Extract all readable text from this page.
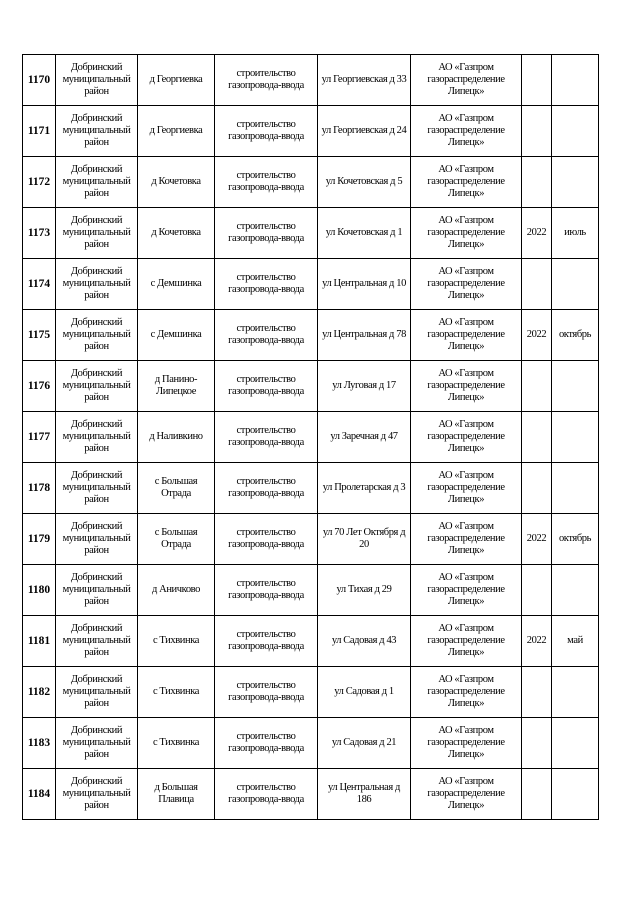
1170	Добринский муниципальный район	д Георгиевка	строительство газопровода-ввода	ул Георгиевская д 33	АО «Газпром газораспределение Липецк»		
1171	Добринский муниципальный район	д Георгиевка	строительство газопровода-ввода	ул Георгиевская д 24	АО «Газпром газораспределение Липецк»		
1172	Добринский муниципальный район	д Кочетовка	строительство газопровода-ввода	ул Кочетовская д 5	АО «Газпром газораспределение Липецк»		
1173	Добринский муниципальный район	д Кочетовка	строительство газопровода-ввода	ул Кочетовская д 1	АО «Газпром газораспределение Липецк»	2022	июль
1174	Добринский муниципальный район	с Демшинка	строительство газопровода-ввода	ул Центральная д 10	АО «Газпром газораспределение Липецк»		
1175	Добринский муниципальный район	с Демшинка	строительство газопровода-ввода	ул Центральная д 78	АО «Газпром газораспределение Липецк»	2022	октябрь
1176	Добринский муниципальный район	д Панино-Липецкое	строительство газопровода-ввода	ул Луговая д 17	АО «Газпром газораспределение Липецк»		
1177	Добринский муниципальный район	д Наливкино	строительство газопровода-ввода	ул Заречная д 47	АО «Газпром газораспределение Липецк»		
1178	Добринский муниципальный район	с Большая Отрада	строительство газопровода-ввода	ул Пролетарская д 3	АО «Газпром газораспределение Липецк»		
1179	Добринский муниципальный район	с Большая Отрада	строительство газопровода-ввода	ул 70 Лет Октября д 20	АО «Газпром газораспределение Липецк»	2022	октябрь
1180	Добринский муниципальный район	д Аничково	строительство газопровода-ввода	ул Тихая д 29	АО «Газпром газораспределение Липецк»		
1181	Добринский муниципальный район	с Тихвинка	строительство газопровода-ввода	ул Садовая д 43	АО «Газпром газораспределение Липецк»	2022	май
1182	Добринский муниципальный район	с Тихвинка	строительство газопровода-ввода	ул Садовая д 1	АО «Газпром газораспределение Липецк»		
1183	Добринский муниципальный район	с Тихвинка	строительство газопровода-ввода	ул Садовая д 21	АО «Газпром газораспределение Липецк»		
1184	Добринский муниципальный район	д Большая Плавица	строительство газопровода-ввода	ул Центральная д 186	АО «Газпром газораспределение Липецк»		
